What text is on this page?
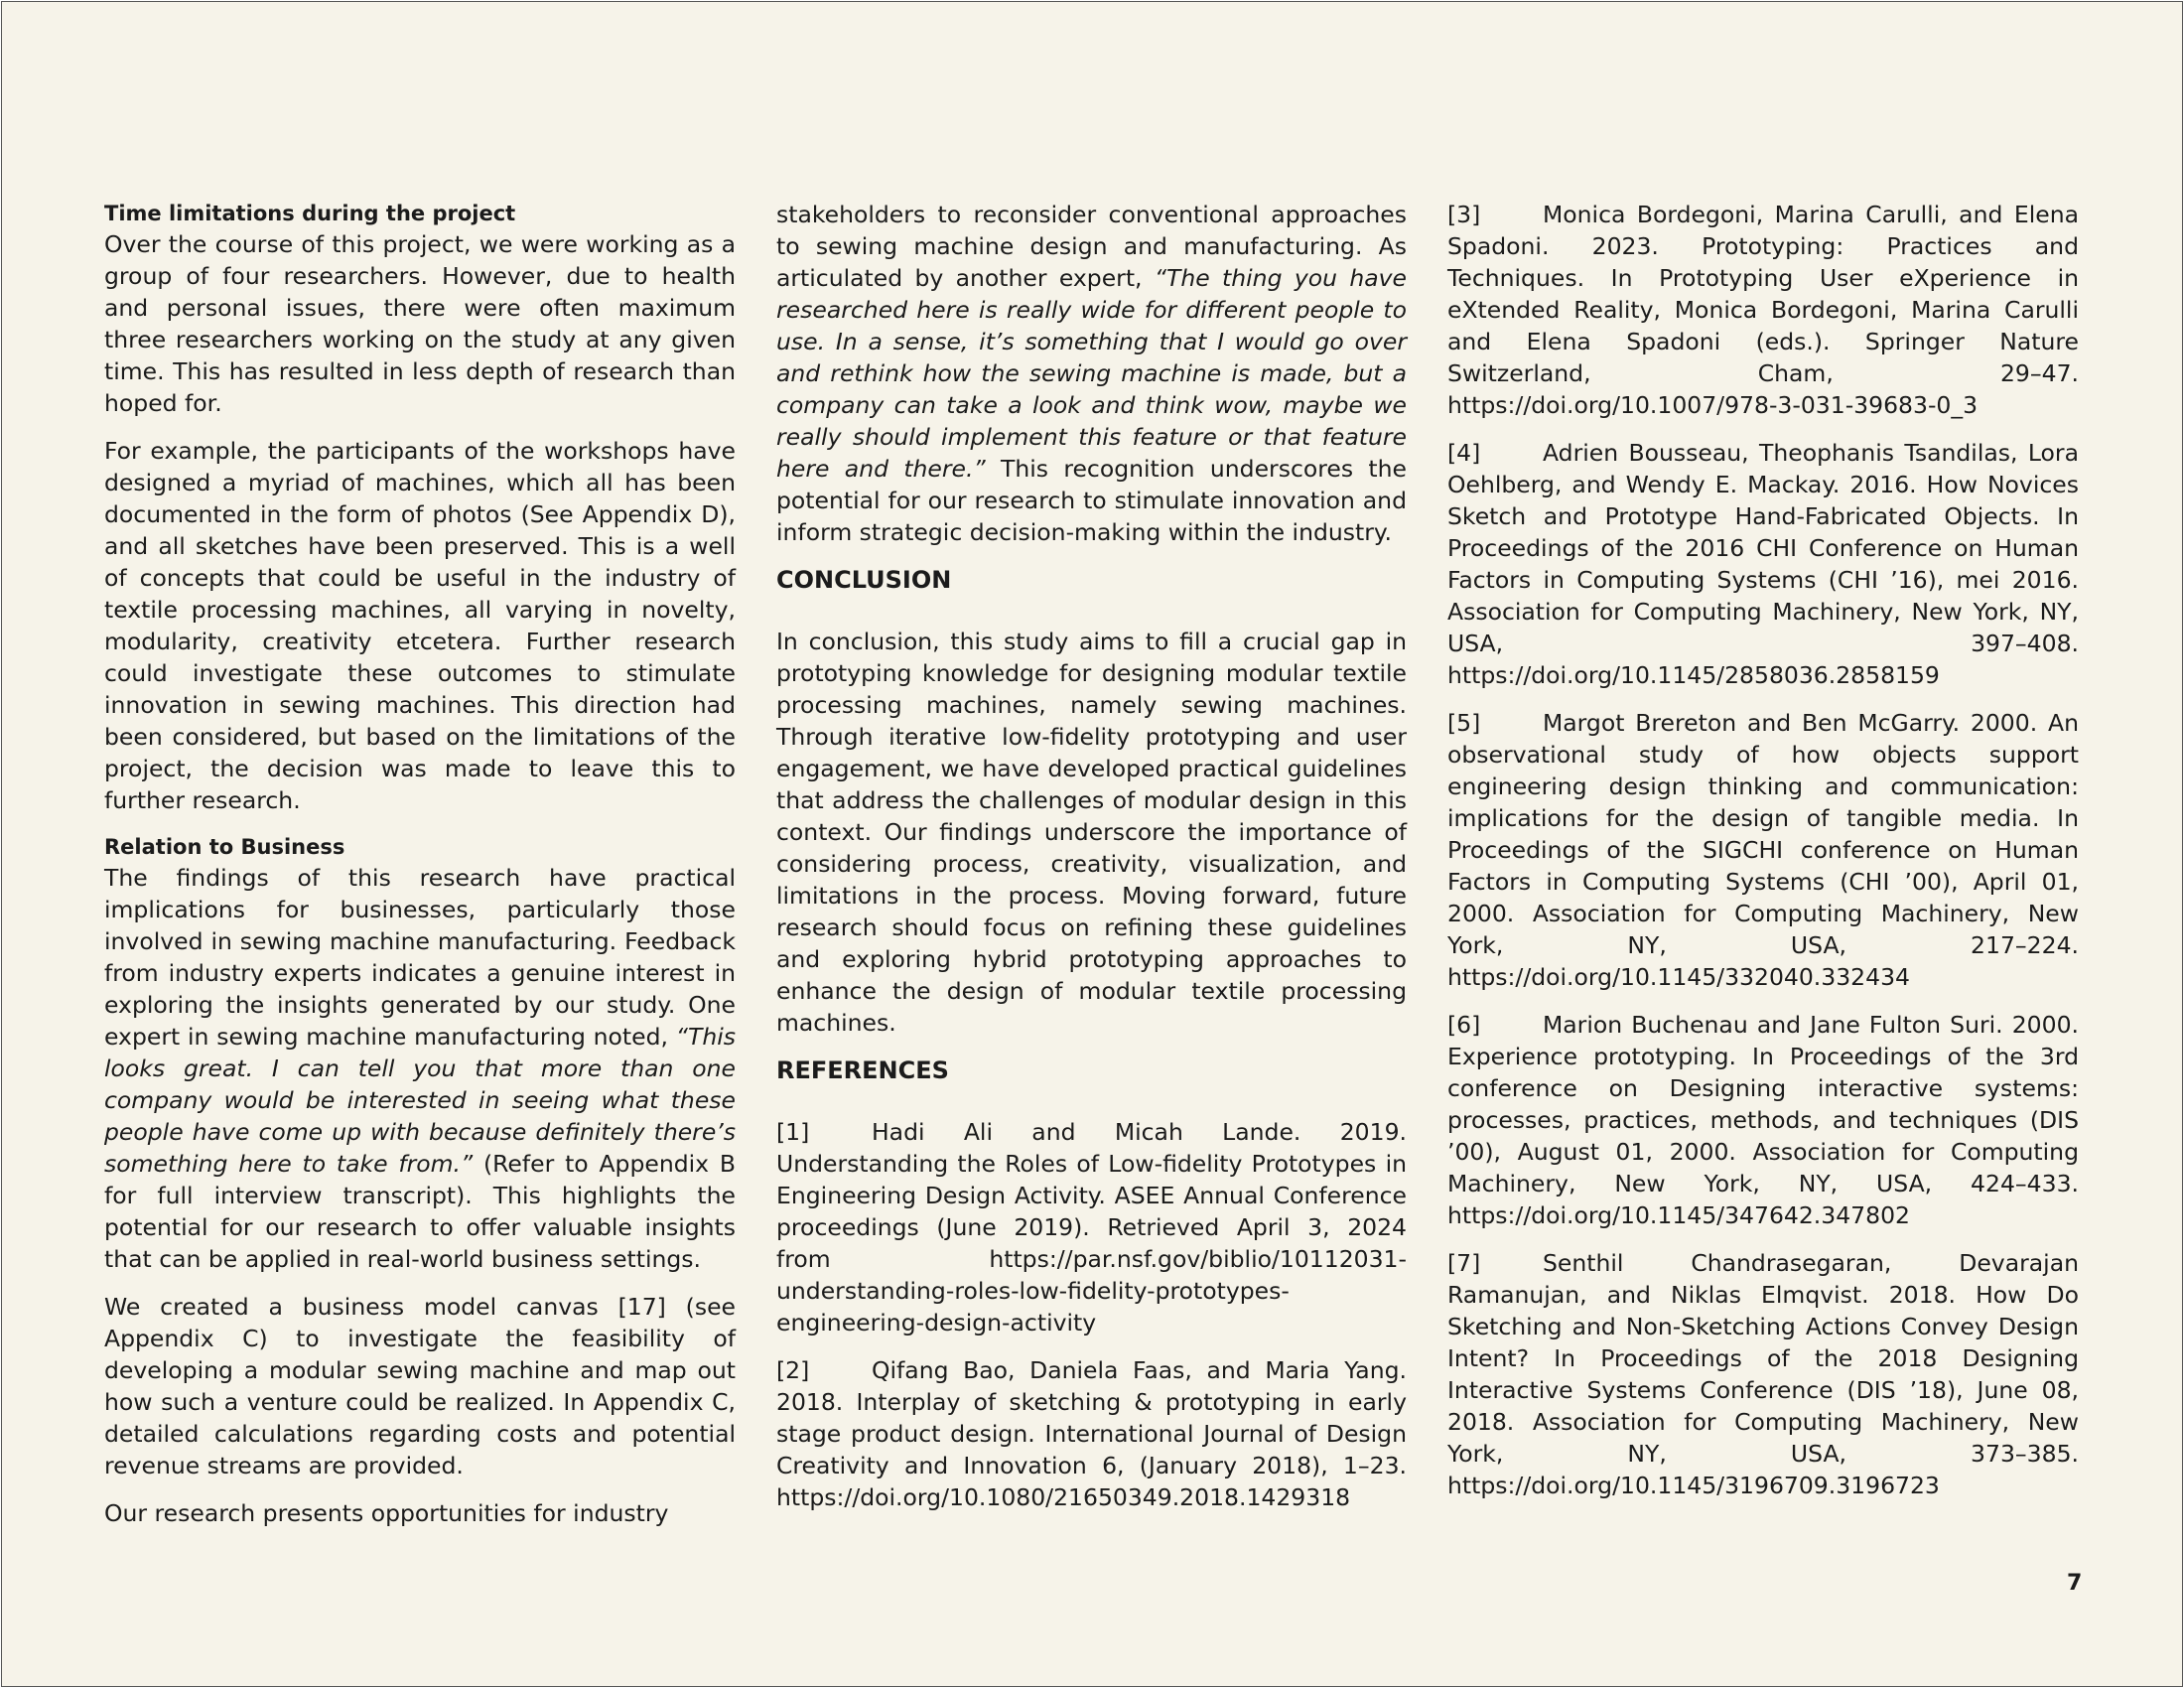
Time limitations during the project

Over the course of this project, we were working as a group of four researchers. However, due to health and personal issues, there were often maximum three researchers working on the study at any given time. This has resulted in less depth of research than hoped for.

For example, the participants of the workshops have designed a myriad of machines, which all has been documented in the form of photos (See Appendix D), and all sketches have been preserved. This is a well of concepts that could be useful in the industry of textile processing machines, all varying in novelty, modularity, creativity etcetera. Further research could investigate these outcomes to stimulate innovation in sewing machines. This direction had been considered, but based on the limitations of the project, the decision was made to leave this to further research.

Relation to Business

The findings of this research have practical implications for businesses, particularly those involved in sewing machine manufacturing. Feedback from industry experts indicates a genuine interest in exploring the insights generated by our study. One expert in sewing machine manufacturing noted, “This looks great. I can tell you that more than one company would be interested in seeing what these people have come up with because definitely there’s something here to take from.” (Refer to Appendix B for full interview transcript). This highlights the potential for our research to offer valuable insights that can be applied in real-world business settings.

We created a business model canvas [17] (see Appendix C) to investigate the feasibility of developing a modular sewing machine and map out how such a venture could be realized. In Appendix C, detailed calculations regarding costs and potential revenue streams are provided.

Our research presents opportunities for industry

stakeholders to reconsider conventional approaches to sewing machine design and manufacturing. As articulated by another expert, “The thing you have researched here is really wide for different people to use. In a sense, it’s something that I would go over and rethink how the sewing machine is made, but a company can take a look and think wow, maybe we really should implement this feature or that feature here and there.” This recognition underscores the potential for our research to stimulate innovation and inform strategic decision-making within the industry.

CONCLUSION

In conclusion, this study aims to fill a crucial gap in prototyping knowledge for designing modular textile processing machines, namely sewing machines. Through iterative low-fidelity prototyping and user engagement, we have developed practical guidelines that address the challenges of modular design in this context. Our findings underscore the importance of considering process, creativity, visualization, and limitations in the process. Moving forward, future research should focus on refining these guidelines and exploring hybrid prototyping approaches to enhance the design of modular textile processing machines.

REFERENCES
[1]	Hadi Ali and Micah Lande. 2019. Understanding the Roles of Low-fidelity Prototypes in Engineering Design Activity. ASEE Annual Conference proceedings (June 2019). Retrieved April 3, 2024 from https://par.nsf.gov/biblio/10112031-understanding-roles-low-fidelity-prototypes-engineering-design-activity
[2]	Qifang Bao, Daniela Faas, and Maria Yang. 2018. Interplay of sketching & prototyping in early stage product design. International Journal of Design Creativity and Innovation 6, (January 2018), 1–23. https://doi.org/10.1080/21650349.2018.1429318
[3]	Monica Bordegoni, Marina Carulli, and Elena Spadoni. 2023. Prototyping: Practices and Techniques. In Prototyping User eXperience in eXtended Reality, Monica Bordegoni, Marina Carulli and Elena Spadoni (eds.). Springer Nature Switzerland, Cham, 29–47. https://doi.org/10.1007/978-3-031-39683-0_3
[4]	Adrien Bousseau, Theophanis Tsandilas, Lora Oehlberg, and Wendy E. Mackay. 2016. How Novices Sketch and Prototype Hand-Fabricated Objects. In Proceedings of the 2016 CHI Conference on Human Factors in Computing Systems (CHI ’16), mei 2016. Association for Computing Machinery, New York, NY, USA, 397–408. https://doi.org/10.1145/2858036.2858159
[5]	Margot Brereton and Ben McGarry. 2000. An observational study of how objects support engineering design thinking and communication: implications for the design of tangible media. In Proceedings of the SIGCHI conference on Human Factors in Computing Systems (CHI ’00), April 01, 2000. Association for Computing Machinery, New York, NY, USA, 217–224. https://doi.org/10.1145/332040.332434
[6]	Marion Buchenau and Jane Fulton Suri. 2000. Experience prototyping. In Proceedings of the 3rd conference on Designing interactive systems: processes, practices, methods, and techniques (DIS ’00), August 01, 2000. Association for Computing Machinery, New York, NY, USA, 424–433. https://doi.org/10.1145/347642.347802
[7]	Senthil Chandrasegaran, Devarajan Ramanujan, and Niklas Elmqvist. 2018. How Do Sketching and Non-Sketching Actions Convey Design Intent? In Proceedings of the 2018 Designing Interactive Systems Conference (DIS ’18), June 08, 2018. Association for Computing Machinery, New York, NY, USA, 373–385. https://doi.org/10.1145/3196709.3196723
7
